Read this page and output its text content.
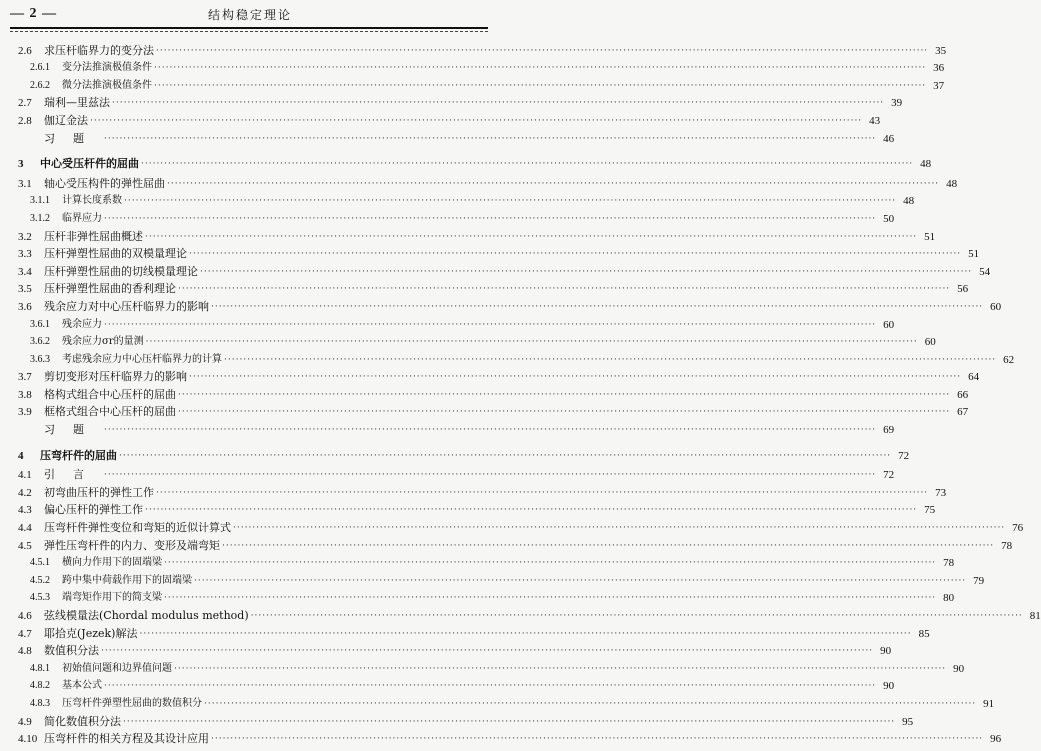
— 2 —	结构稳定理论
2.6	求压杆临界力的变分法 ········································································································································································································ 35
2.6.1	变分法推演极值条件 ········································································································································································································ 36
2.6.2	微分法推演极值条件 ········································································································································································································ 37
2.7	瑞利—里兹法 ········································································································································································································ 39
2.8	伽辽金法 ········································································································································································································ 43
习题 ········································································································································································································ 46
3	中心受压杆件的屈曲 ········································································································································································································ 48
3.1	轴心受压构件的弹性屈曲 ········································································································································································································ 48
3.1.1	计算长度系数 ········································································································································································································ 48
3.1.2	临界应力 ········································································································································································································ 50
3.2	压杆非弹性屈曲概述 ········································································································································································································ 51
3.3	压杆弹塑性屈曲的双模量理论 ········································································································································································································ 51
3.4	压杆弹塑性屈曲的切线模量理论 ········································································································································································································ 54
3.5	压杆弹塑性屈曲的香利理论 ········································································································································································································ 56
3.6	残余应力对中心压杆临界力的影响 ········································································································································································································ 60
3.6.1	残余应力 ········································································································································································································ 60
3.6.2	残余应力σr的量测 ········································································································································································································ 60
3.6.3	考虑残余应力中心压杆临界力的计算 ········································································································································································································ 62
3.7	剪切变形对压杆临界力的影响 ········································································································································································································ 64
3.8	格构式组合中心压杆的屈曲 ········································································································································································································ 66
3.9	框格式组合中心压杆的屈曲 ········································································································································································································ 67
习题 ········································································································································································································ 69
4	压弯杆件的屈曲 ········································································································································································································ 72
4.1	引言 ········································································································································································································ 72
4.2	初弯曲压杆的弹性工作 ········································································································································································································ 73
4.3	偏心压杆的弹性工作 ········································································································································································································ 75
4.4	压弯杆件弹性变位和弯矩的近似计算式 ········································································································································································································ 76
4.5	弹性压弯杆件的内力、变形及端弯矩 ········································································································································································································ 78
4.5.1	横向力作用下的固端梁 ········································································································································································································ 78
4.5.2	跨中集中荷载作用下的固端梁 ········································································································································································································ 79
4.5.3	端弯矩作用下的简支梁 ········································································································································································································ 80
4.6	弦线模量法(Chordal modulus method) ········································································································································································································ 81
4.7	耶拾克(Jezek)解法 ········································································································································································································ 85
4.8	数值积分法 ········································································································································································································ 90
4.8.1	初始值问题和边界值问题 ········································································································································································································ 90
4.8.2	基本公式 ········································································································································································································ 90
4.8.3	压弯杆件弹塑性屈曲的数值积分 ········································································································································································································ 91
4.9	简化数值积分法 ········································································································································································································ 95
4.10 压弯杆件的相关方程及其设计应用 ········································································································································································································ 96
